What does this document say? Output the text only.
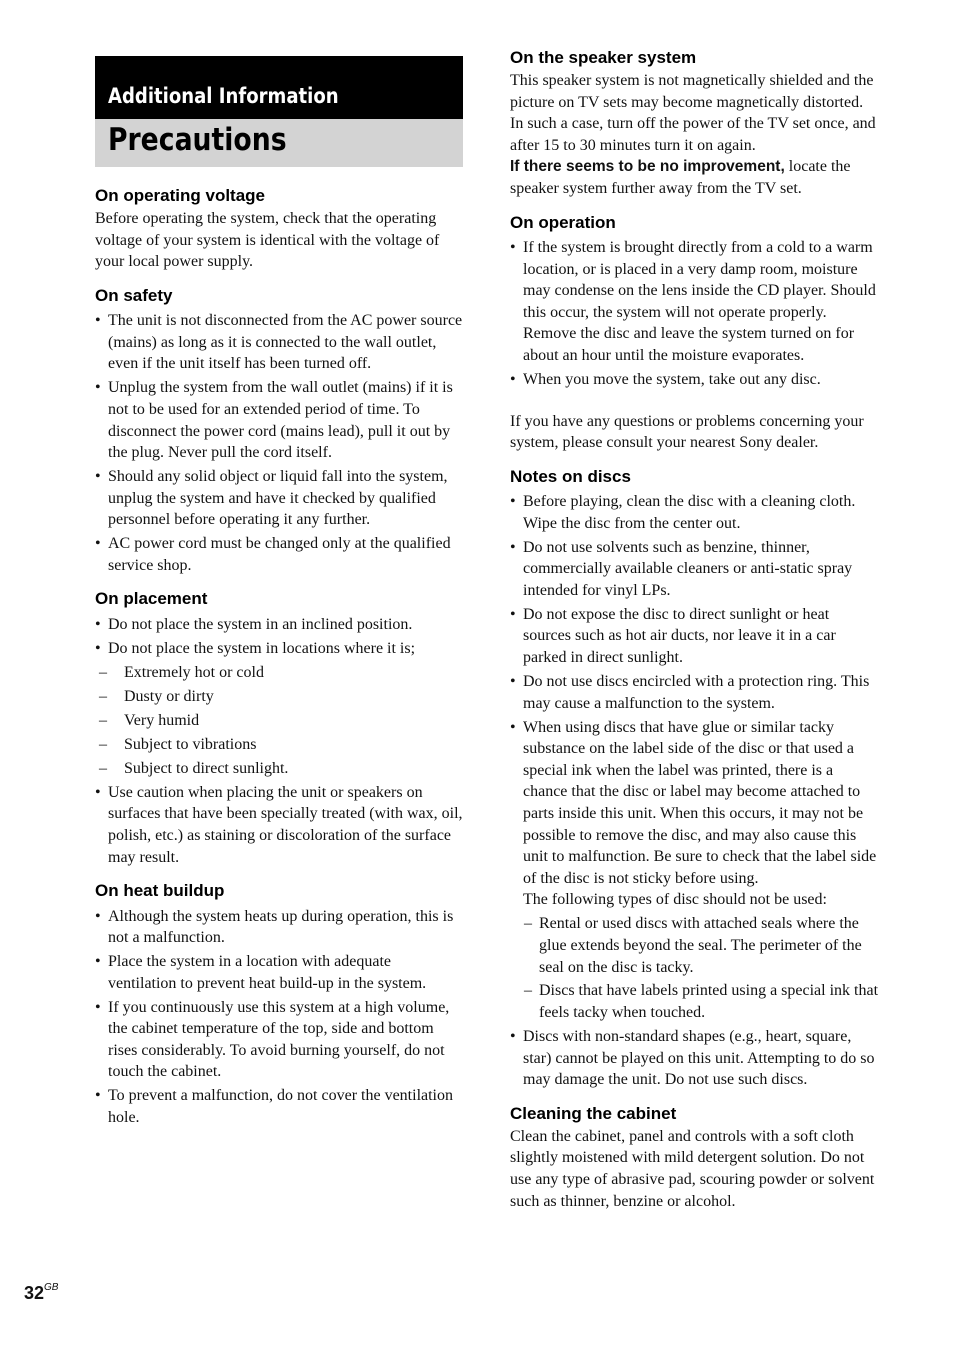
Additional Information
Precautions
On operating voltage

Before operating the system, check that the operating voltage of your system is identical with the voltage of your local power supply.

On safety
• The unit is not disconnected from the AC power source (mains) as long as it is connected to the wall outlet, even if the unit itself has been turned off.
• Unplug the system from the wall outlet (mains) if it is not to be used for an extended period of time. To disconnect the power cord (mains lead), pull it out by the plug. Never pull the cord itself.
• Should any solid object or liquid fall into the system, unplug the system and have it checked by qualified personnel before operating it any further.
• AC power cord must be changed only at the qualified service shop.
On placement
• Do not place the system in an inclined position.
• Do not place the system in locations where it is;
– Extremely hot or cold
– Dusty or dirty
– Very humid
– Subject to vibrations
– Subject to direct sunlight.
• Use caution when placing the unit or speakers on surfaces that have been specially treated (with wax, oil, polish, etc.) as staining or discoloration of the surface may result.
On heat buildup
• Although the system heats up during operation, this is not a malfunction.
• Place the system in a location with adequate ventilation to prevent heat build-up in the system.
• If you continuously use this system at a high volume, the cabinet temperature of the top, side and bottom rises considerably. To avoid burning yourself, do not touch the cabinet.
• To prevent a malfunction, do not cover the ventilation hole.
On the speaker system

This speaker system is not magnetically shielded and the picture on TV sets may become magnetically distorted. In such a case, turn off the power of the TV set once, and after 15 to 30 minutes turn it on again.

If there seems to be no improvement, locate the speaker system further away from the TV set.

On operation
• If the system is brought directly from a cold to a warm location, or is placed in a very damp room, moisture may condense on the lens inside the CD player. Should this occur, the system will not operate properly. Remove the disc and leave the system turned on for about an hour until the moisture evaporates.
• When you move the system, take out any disc.

If you have any questions or problems concerning your system, please consult your nearest Sony dealer.

Notes on discs
• Before playing, clean the disc with a cleaning cloth. Wipe the disc from the center out.
• Do not use solvents such as benzine, thinner, commercially available cleaners or anti-static spray intended for vinyl LPs.
• Do not expose the disc to direct sunlight or heat sources such as hot air ducts, nor leave it in a car parked in direct sunlight.
• Do not use discs encircled with a protection ring. This may cause a malfunction to the system.
• When using discs that have glue or similar tacky substance on the label side of the disc or that used a special ink when the label was printed, there is a chance that the disc or label may become attached to parts inside this unit. When this occurs, it may not be possible to remove the disc, and may also cause this unit to malfunction. Be sure to check that the label side of the disc is not sticky before using.
The following types of disc should not be used:
– Rental or used discs with attached seals where the glue extends beyond the seal. The perimeter of the seal on the disc is tacky.
– Discs that have labels printed using a special ink that feels tacky when touched.
• Discs with non-standard shapes (e.g., heart, square, star) cannot be played on this unit. Attempting to do so may damage the unit. Do not use such discs.
Cleaning the cabinet

Clean the cabinet, panel and controls with a soft cloth slightly moistened with mild detergent solution. Do not use any type of abrasive pad, scouring powder or solvent such as thinner, benzine or alcohol.

$32^{GB}$
